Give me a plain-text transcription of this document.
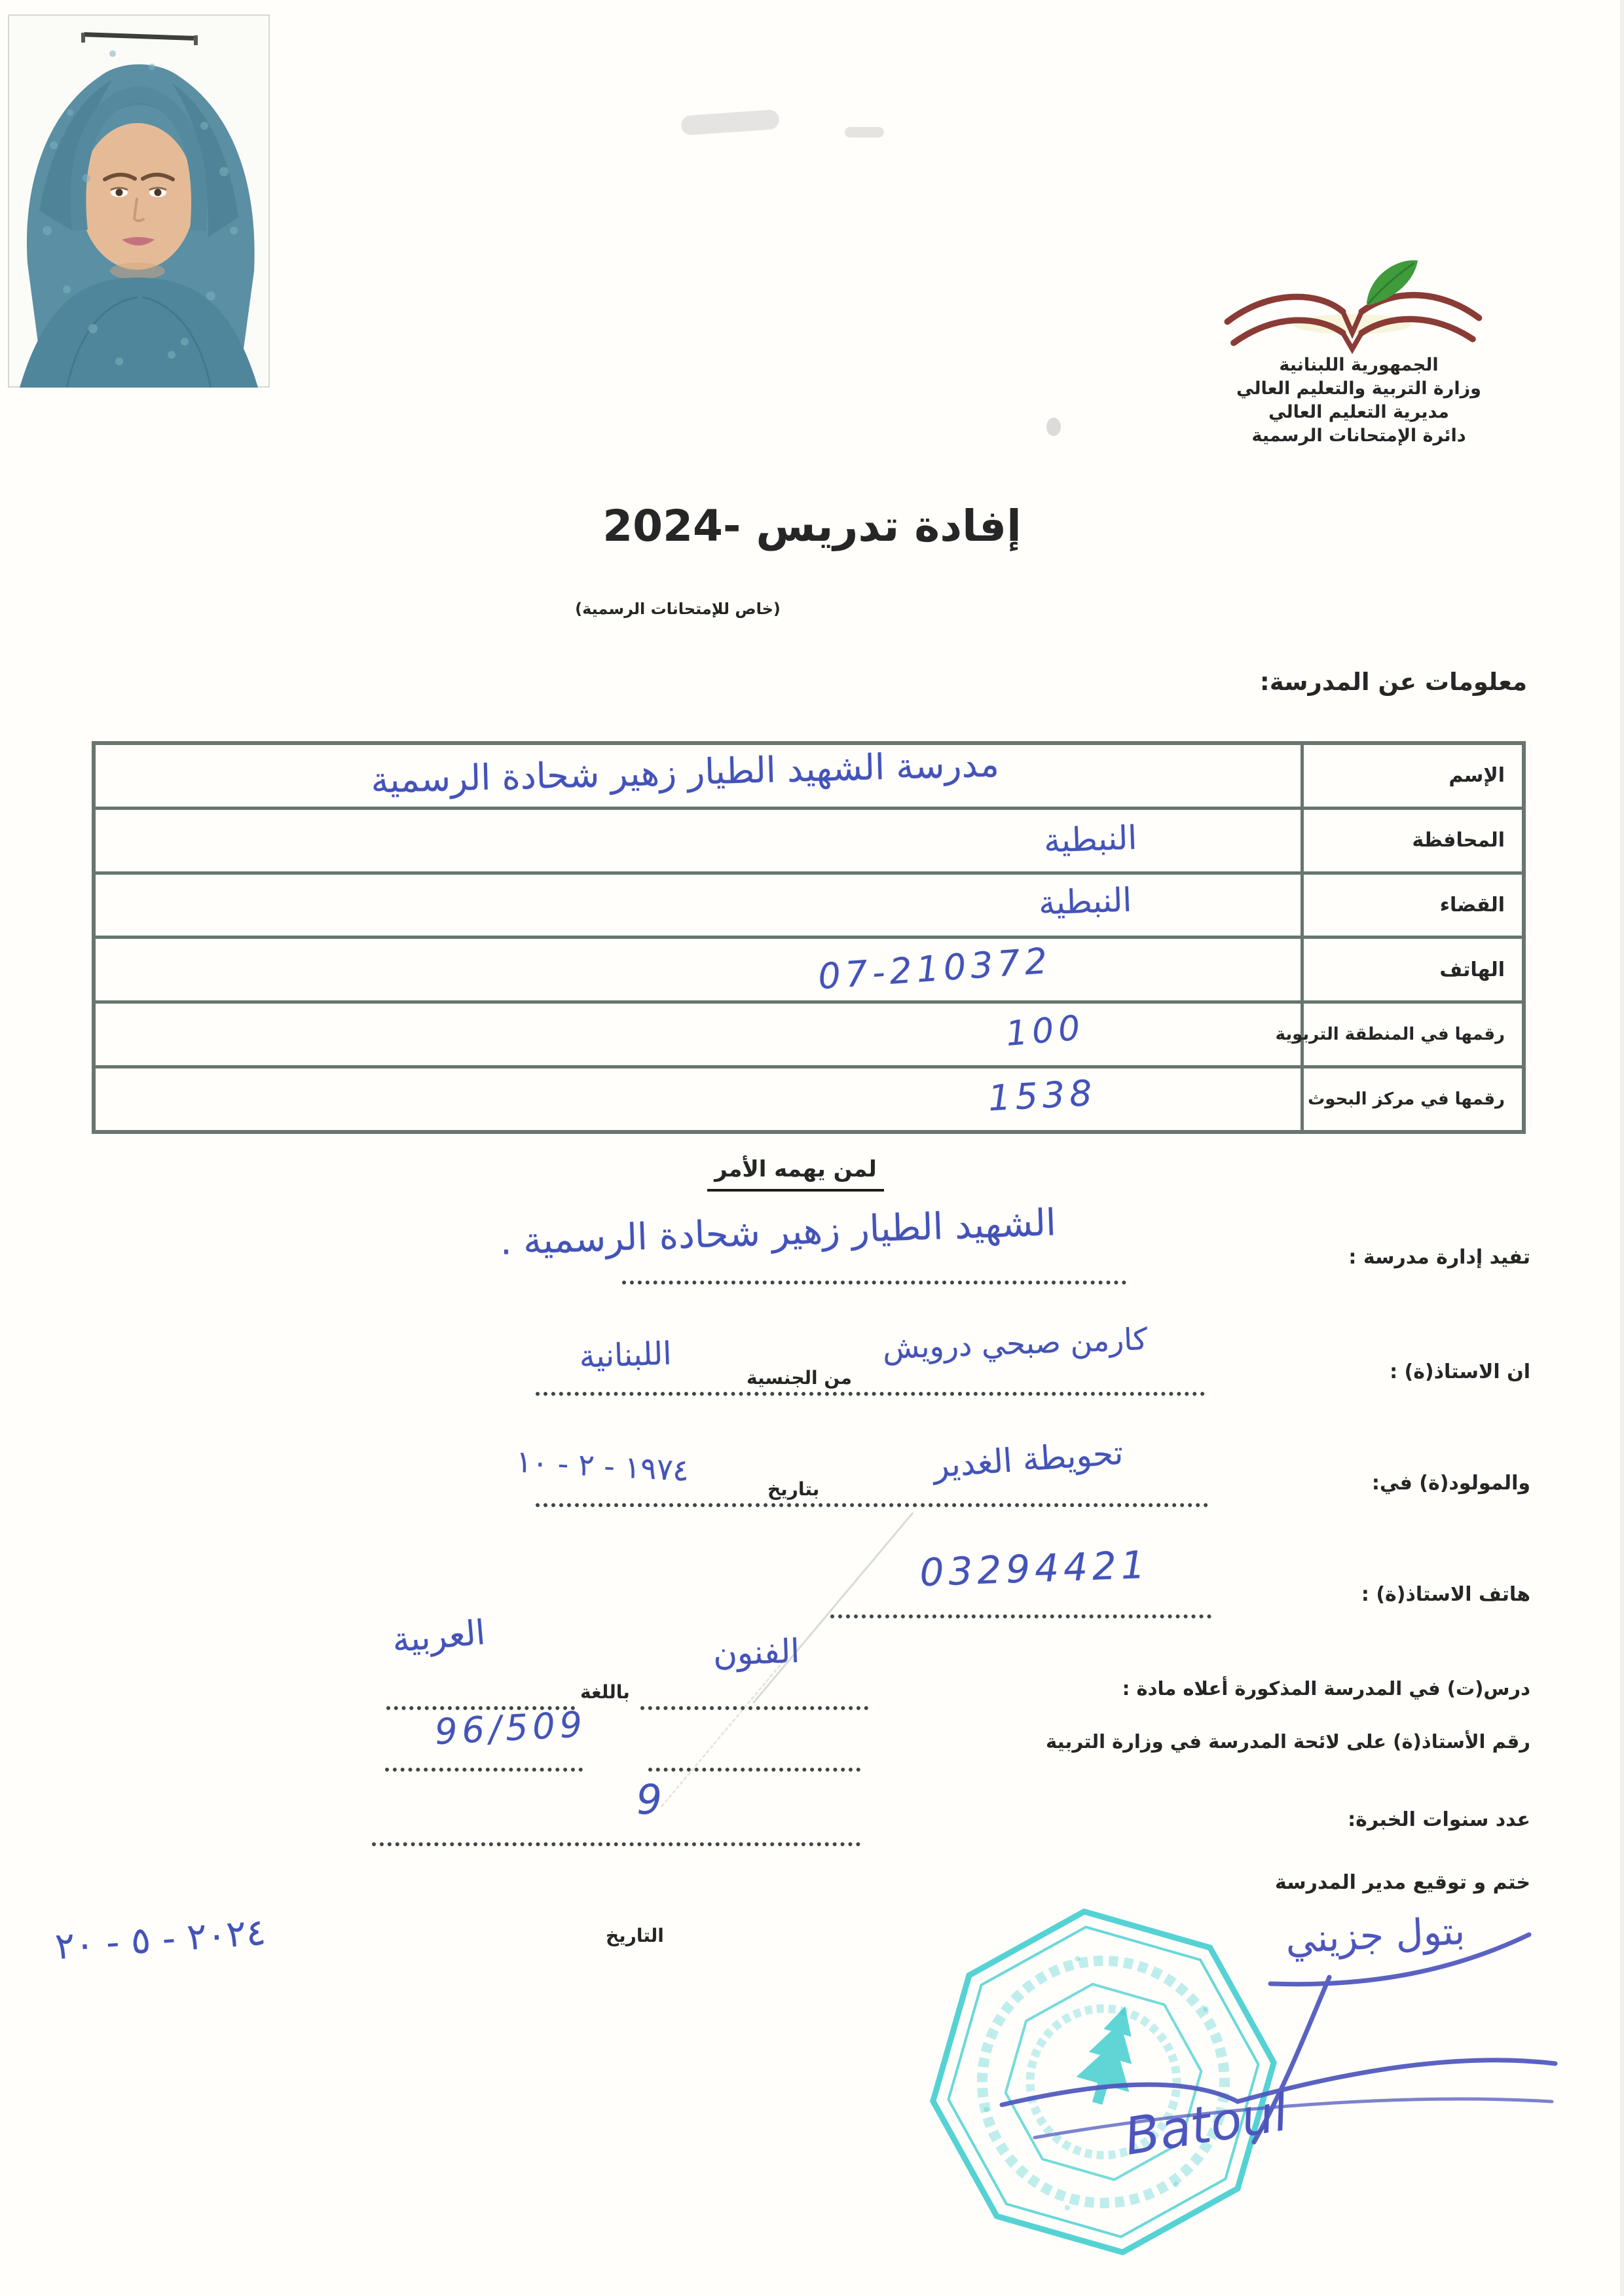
الجمهورية اللبنانية
وزارة التربية والتعليم العالي
مديرية التعليم العالي
دائرة الإمتحانات الرسمية
إفادة تدريس -2024
(خاص للإمتحانات الرسمية)
معلومات عن المدرسة:
الإسم
مدرسة الشهيد الطيار زهير شحادة الرسمية
المحافظة
النبطية
القضاء
النبطية
الهاتف
07-210372
رقمها في المنطقة التربوية
100
رقمها في مركز البحوث
1538
لمن يهمه الأمر
تفيد إدارة مدرسة :
ان الاستاذ(ة) :
والمولود(ة) في:
هاتف الاستاذ(ة) :
درس(ت) في المدرسة المذكورة أعلاه مادة :
رقم الأستاذ(ة) على لائحة المدرسة في وزارة التربية
عدد سنوات الخبرة:
ختم و توقيع مدير المدرسة
من الجنسية
بتاريخ
باللغة
الشهيد الطيار زهير شحادة الرسمية .
كارمن صبحي درويش
اللبنانية
تحويطة الغدير
١٩٧٤ - ٢ - ١٠
03294421
الفنون
العربية
96/509
9
بتول جزيني
Batoul
التاريخ
٢٠٢٤ - ٥ - ٢٠
